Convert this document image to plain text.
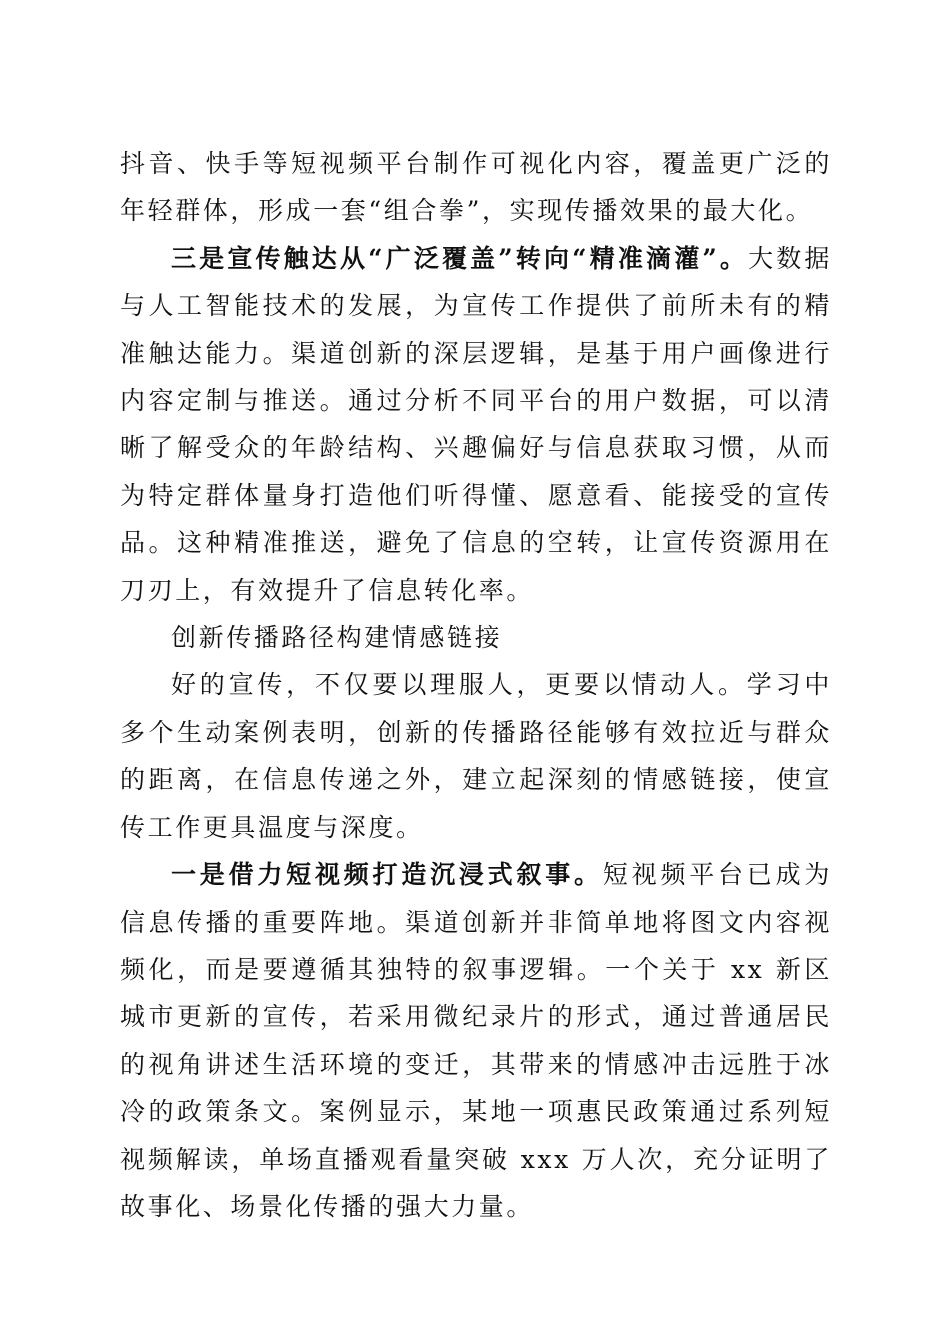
抖音、快手等短视频平台制作可视化内容，覆盖更广泛的年轻群体，形成一套“组合拳”，实现传播效果的最大化。

三是宣传触达从“广泛覆盖”转向“精准滴灌”。大数据与人工智能技术的发展，为宣传工作提供了前所未有的精准触达能力。渠道创新的深层逻辑，是基于用户画像进行内容定制与推送。通过分析不同平台的用户数据，可以清晰了解受众的年龄结构、兴趣偏好与信息获取习惯，从而为特定群体量身打造他们听得懂、愿意看、能接受的宣传品。这种精准推送，避免了信息的空转，让宣传资源用在刀刃上，有效提升了信息转化率。

创新传播路径构建情感链接

好的宣传，不仅要以理服人，更要以情动人。学习中多个生动案例表明，创新的传播路径能够有效拉近与群众的距离，在信息传递之外，建立起深刻的情感链接，使宣传工作更具温度与深度。

一是借力短视频打造沉浸式叙事。短视频平台已成为信息传播的重要阵地。渠道创新并非简单地将图文内容视频化，而是要遵循其独特的叙事逻辑。一个关于 xx 新区城市更新的宣传，若采用微纪录片的形式，通过普通居民的视角讲述生活环境的变迁，其带来的情感冲击远胜于冰冷的政策条文。案例显示，某地一项惠民政策通过系列短视频解读，单场直播观看量突破 xxx 万人次，充分证明了故事化、场景化传播的强大力量。
